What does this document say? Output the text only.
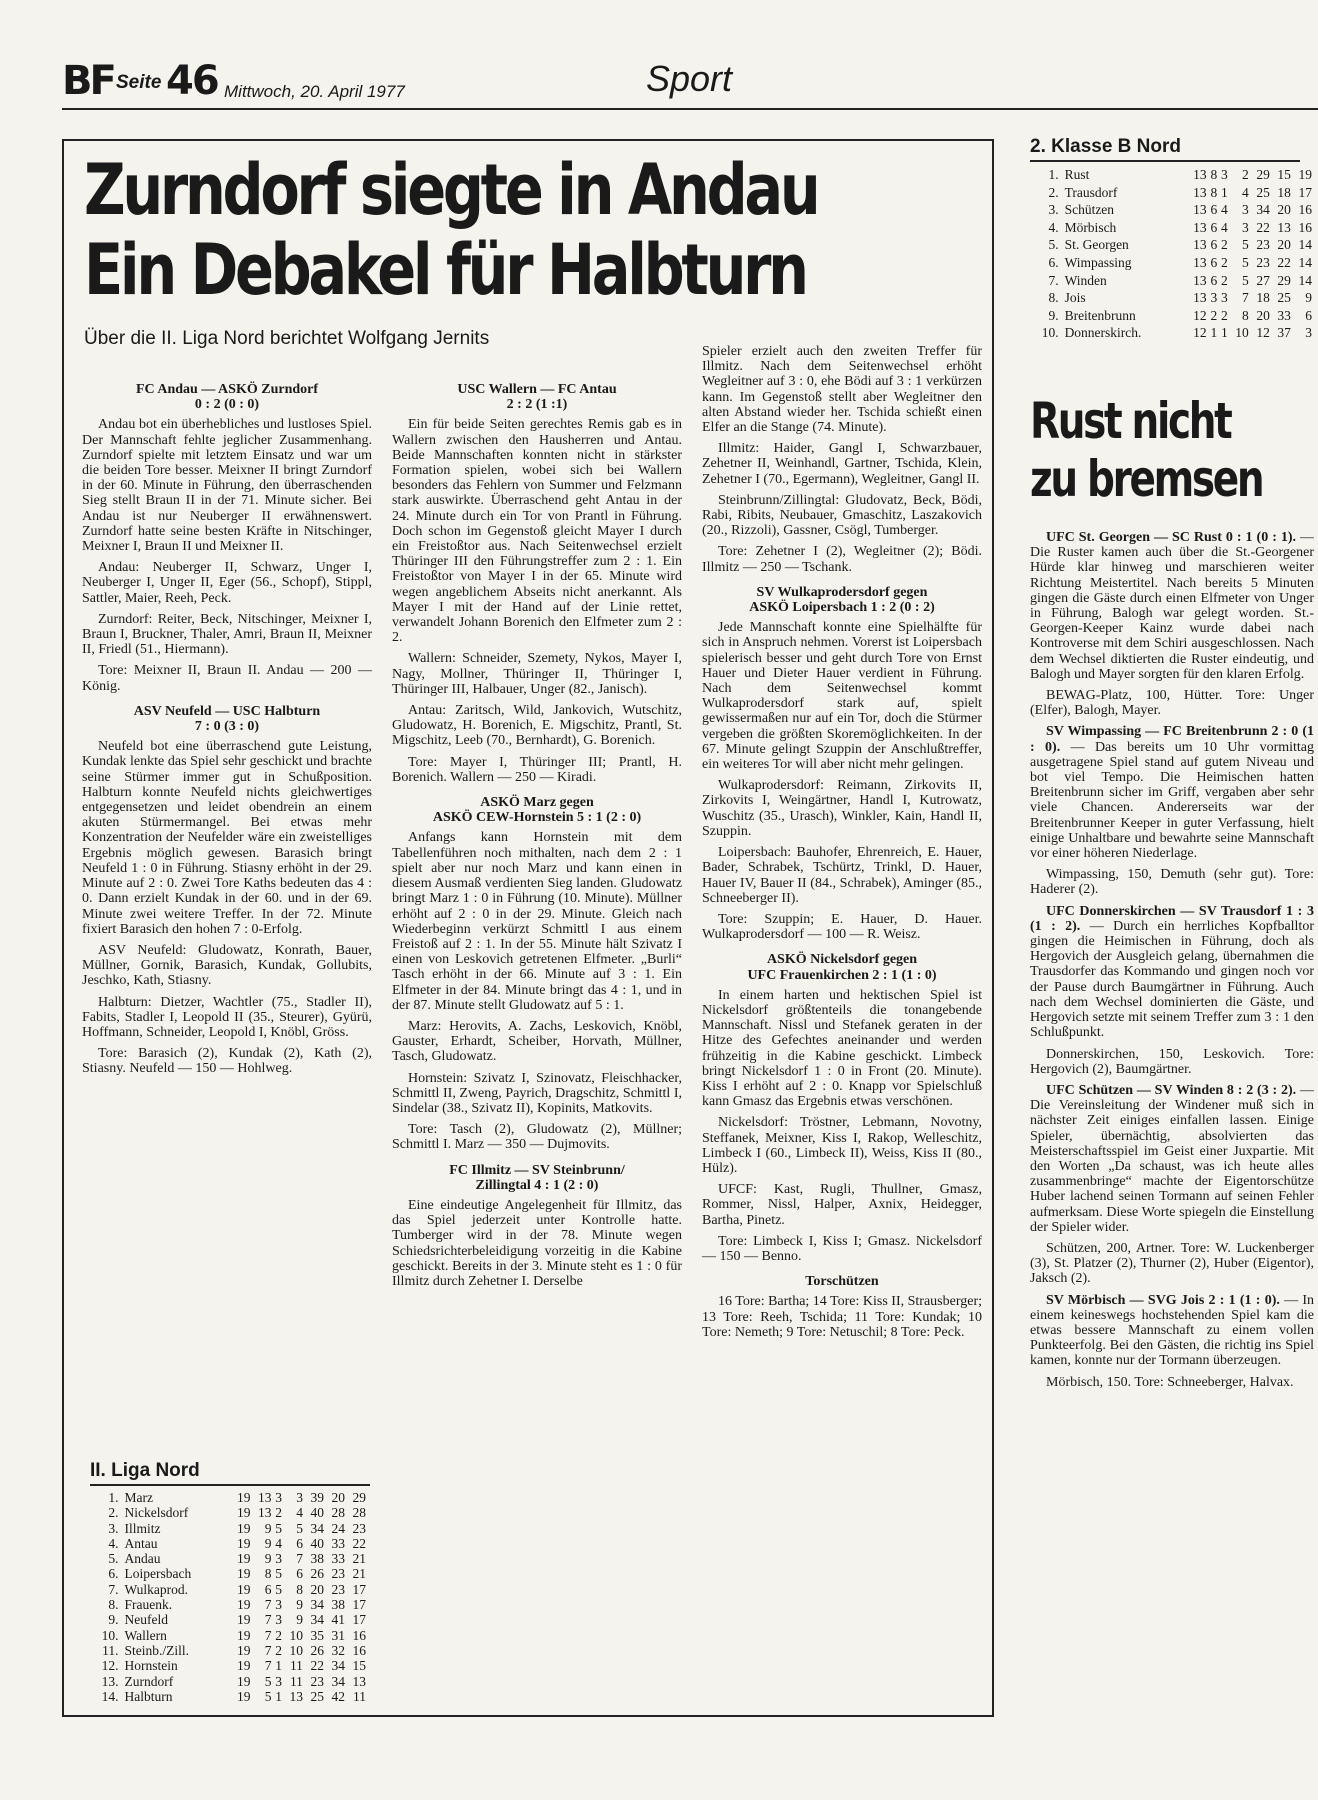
BF Seite 46 Mittwoch, 20. April 1977	Sport
Zurndorf siegte in Andau
Ein Debakel für Halbturn
Über die II. Liga Nord berichtet Wolfgang Jernits
FC Andau — ASKÖ Zurndorf
0 : 2 (0 : 0)

Andau bot ein überhebliches und lustloses Spiel. Der Mannschaft fehlte jeglicher Zusammenhang. Zurndorf spielte mit letztem Einsatz und war um die beiden Tore besser. Meixner II bringt Zurndorf in der 60. Minute in Führung, den überraschenden Sieg stellt Braun II in der 71. Minute sicher. Bei Andau ist nur Neuberger II erwähnenswert. Zurndorf hatte seine besten Kräfte in Nitschinger, Meixner I, Braun II und Meixner II.

Andau: Neuberger II, Schwarz, Unger I, Neuberger I, Unger II, Eger (56., Schopf), Stippl, Sattler, Maier, Reeh, Peck.

Zurndorf: Reiter, Beck, Nitschinger, Meixner I, Braun I, Bruckner, Thaler, Amri, Braun II, Meixner II, Friedl (51., Hiermann).

Tore: Meixner II, Braun II. Andau — 200 — König.

ASV Neufeld — USC Halbturn
7 : 0 (3 : 0)

Neufeld bot eine überraschend gute Leistung, Kundak lenkte das Spiel sehr geschickt und brachte seine Stürmer immer gut in Schußposition. Halbturn konnte Neufeld nichts gleichwertiges entgegensetzen und leidet obendrein an einem akuten Stürmermangel. Bei etwas mehr Konzentration der Neufelder wäre ein zweistelliges Ergebnis möglich gewesen. Barasich bringt Neufeld 1 : 0 in Führung. Stiasny erhöht in der 29. Minute auf 2 : 0. Zwei Tore Kaths bedeuten das 4 : 0. Dann erzielt Kundak in der 60. und in der 69. Minute zwei weitere Treffer. In der 72. Minute fixiert Barasich den hohen 7 : 0-Erfolg.

ASV Neufeld: Gludowatz, Konrath, Bauer, Müllner, Gornik, Barasich, Kundak, Gollubits, Jeschko, Kath, Stiasny.

Halbturn: Dietzer, Wachtler (75., Stadler II), Fabits, Stadler I, Leopold II (35., Steurer), Gyürü, Hoffmann, Schneider, Leopold I, Knöbl, Gröss.

Tore: Barasich (2), Kundak (2), Kath (2), Stiasny. Neufeld — 150 — Hohlweg.

II. Liga Nord
1.	Marz	19	13	3	3	39	20	29
2.	Nickelsdorf	19	13	2	4	40	28	28
3.	Illmitz	19	9	5	5	34	24	23
4.	Antau	19	9	4	6	40	33	22
5.	Andau	19	9	3	7	38	33	21
6.	Loipersbach	19	8	5	6	26	23	21
7.	Wulkaprod.	19	6	5	8	20	23	17
8.	Frauenk.	19	7	3	9	34	38	17
9.	Neufeld	19	7	3	9	34	41	17
10.	Wallern	19	7	2	10	35	31	16
11.	Steinb./Zill.	19	7	2	10	26	32	16
12.	Hornstein	19	7	1	11	22	34	15
13.	Zurndorf	19	5	3	11	23	34	13
14.	Halbturn	19	5	1	13	25	42	11
USC Wallern — FC Antau
2 : 2 (1 :1)

Ein für beide Seiten gerechtes Remis gab es in Wallern zwischen den Hausherren und Antau. Beide Mannschaften konnten nicht in stärkster Formation spielen, wobei sich bei Wallern besonders das Fehlern von Summer und Felzmann stark auswirkte. Überraschend geht Antau in der 24. Minute durch ein Tor von Prantl in Führung. Doch schon im Gegenstoß gleicht Mayer I durch ein Freistoßtor aus. Nach Seitenwechsel erzielt Thüringer III den Führungstreffer zum 2 : 1. Ein Freistoßtor von Mayer I in der 65. Minute wird wegen angeblichem Abseits nicht anerkannt. Als Mayer I mit der Hand auf der Linie rettet, verwandelt Johann Borenich den Elfmeter zum 2 : 2.

Wallern: Schneider, Szemety, Nykos, Mayer I, Nagy, Mollner, Thüringer II, Thüringer I, Thüringer III, Halbauer, Unger (82., Janisch).

Antau: Zaritsch, Wild, Jankovich, Wutschitz, Gludowatz, H. Borenich, E. Migschitz, Prantl, St. Migschitz, Leeb (70., Bernhardt), G. Borenich.

Tore: Mayer I, Thüringer III; Prantl, H. Borenich. Wallern — 250 — Kiradi.

ASKÖ Marz gegen
ASKÖ CEW-Hornstein 5 : 1 (2 : 0)

Anfangs kann Hornstein mit dem Tabellenführen noch mithalten, nach dem 2 : 1 spielt aber nur noch Marz und kann einen in diesem Ausmaß verdienten Sieg landen. Gludowatz bringt Marz 1 : 0 in Führung (10. Minute). Müllner erhöht auf 2 : 0 in der 29. Minute. Gleich nach Wiederbeginn verkürzt Schmittl I aus einem Freistoß auf 2 : 1. In der 55. Minute hält Szivatz I einen von Leskovich getretenen Elfmeter. „Burli“ Tasch erhöht in der 66. Minute auf 3 : 1. Ein Elfmeter in der 84. Minute bringt das 4 : 1, und in der 87. Minute stellt Gludowatz auf 5 : 1.

Marz: Herovits, A. Zachs, Leskovich, Knöbl, Gauster, Erhardt, Scheiber, Horvath, Müllner, Tasch, Gludowatz.

Hornstein: Szivatz I, Szinovatz, Fleischhacker, Schmittl II, Zweng, Payrich, Dragschitz, Schmittl I, Sindelar (38., Szivatz II), Kopinits, Matkovits.

Tore: Tasch (2), Gludowatz (2), Müllner; Schmittl I. Marz — 350 — Dujmovits.

FC Illmitz — SV Steinbrunn/
Zillingtal 4 : 1 (2 : 0)

Eine eindeutige Angelegenheit für Illmitz, das das Spiel jederzeit unter Kontrolle hatte. Tumberger wird in der 78. Minute wegen Schiedsrichterbeleidigung vorzeitig in die Kabine geschickt. Bereits in der 3. Minute steht es 1 : 0 für Illmitz durch Zehetner I. Derselbe

Spieler erzielt auch den zweiten Treffer für Illmitz. Nach dem Seitenwechsel erhöht Wegleitner auf 3 : 0, ehe Bödi auf 3 : 1 verkürzen kann. Im Gegenstoß stellt aber Wegleitner den alten Abstand wieder her. Tschida schießt einen Elfer an die Stange (74. Minute).

Illmitz: Haider, Gangl I, Schwarzbauer, Zehetner II, Weinhandl, Gartner, Tschida, Klein, Zehetner I (70., Egermann), Wegleitner, Gangl II.

Steinbrunn/Zillingtal: Gludovatz, Beck, Bödi, Rabi, Ribits, Neubauer, Gmaschitz, Laszakovich (20., Rizzoli), Gassner, Csögl, Tumberger.

Tore: Zehetner I (2), Wegleitner (2); Bödi. Illmitz — 250 — Tschank.

SV Wulkaprodersdorf gegen
ASKÖ Loipersbach 1 : 2 (0 : 2)

Jede Mannschaft konnte eine Spielhälfte für sich in Anspruch nehmen. Vorerst ist Loipersbach spielerisch besser und geht durch Tore von Ernst Hauer und Dieter Hauer verdient in Führung. Nach dem Seitenwechsel kommt Wulkaprodersdorf stark auf, spielt gewissermaßen nur auf ein Tor, doch die Stürmer vergeben die größten Skoremöglichkeiten. In der 67. Minute gelingt Szuppin der Anschlußtreffer, ein weiteres Tor will aber nicht mehr gelingen.

Wulkaprodersdorf: Reimann, Zirkovits II, Zirkovits I, Weingärtner, Handl I, Kutrowatz, Wuschitz (35., Urasch), Winkler, Kain, Handl II, Szuppin.

Loipersbach: Bauhofer, Ehrenreich, E. Hauer, Bader, Schrabek, Tschürtz, Trinkl, D. Hauer, Hauer IV, Bauer II (84., Schrabek), Aminger (85., Schneeberger II).

Tore: Szuppin; E. Hauer, D. Hauer. Wulkaprodersdorf — 100 — R. Weisz.

ASKÖ Nickelsdorf gegen
UFC Frauenkirchen 2 : 1 (1 : 0)

In einem harten und hektischen Spiel ist Nickelsdorf größtenteils die tonangebende Mannschaft. Nissl und Stefanek geraten in der Hitze des Gefechtes aneinander und werden frühzeitig in die Kabine geschickt. Limbeck bringt Nickelsdorf 1 : 0 in Front (20. Minute). Kiss I erhöht auf 2 : 0. Knapp vor Spielschluß kann Gmasz das Ergebnis etwas verschönen.

Nickelsdorf: Tröstner, Lebmann, Novotny, Steffanek, Meixner, Kiss I, Rakop, Welleschitz, Limbeck I (60., Limbeck II), Weiss, Kiss II (80., Hülz).

UFCF: Kast, Rugli, Thullner, Gmasz, Rommer, Nissl, Halper, Axnix, Heidegger, Bartha, Pinetz.

Tore: Limbeck I, Kiss I; Gmasz. Nickelsdorf — 150 — Benno.

Torschützen

16 Tore: Bartha; 14 Tore: Kiss II, Strausberger; 13 Tore: Reeh, Tschida; 11 Tore: Kundak; 10 Tore: Nemeth; 9 Tore: Netuschil; 8 Tore: Peck.

2. Klasse B Nord
1.	Rust	13	8	3	2	29	15	19
2.	Trausdorf	13	8	1	4	25	18	17
3.	Schützen	13	6	4	3	34	20	16
4.	Mörbisch	13	6	4	3	22	13	16
5.	St. Georgen	13	6	2	5	23	20	14
6.	Wimpassing	13	6	2	5	23	22	14
7.	Winden	13	6	2	5	27	29	14
8.	Jois	13	3	3	7	18	25	9
9.	Breitenbrunn	12	2	2	8	20	33	6
10.	Donnerskirch.	12	1	1	10	12	37	3
Rust nicht
zu bremsen

UFC St. Georgen — SC Rust 0 : 1 (0 : 1). — Die Ruster kamen auch über die St.-Georgener Hürde klar hinweg und marschieren weiter Richtung Meistertitel. Nach bereits 5 Minuten gingen die Gäste durch einen Elfmeter von Unger in Führung, Balogh war gelegt worden. St.-Georgen-Keeper Kainz wurde dabei nach Kontroverse mit dem Schiri ausgeschlossen. Nach dem Wechsel diktierten die Ruster eindeutig, und Balogh und Mayer sorgten für den klaren Erfolg.

BEWAG-Platz, 100, Hütter. Tore: Unger (Elfer), Balogh, Mayer.

SV Wimpassing — FC Breitenbrunn 2 : 0 (1 : 0). — Das bereits um 10 Uhr vormittag ausgetragene Spiel stand auf gutem Niveau und bot viel Tempo. Die Heimischen hatten Breitenbrunn sicher im Griff, vergaben aber sehr viele Chancen. Andererseits war der Breitenbrunner Keeper in guter Verfassung, hielt einige Unhaltbare und bewahrte seine Mannschaft vor einer höheren Niederlage.

Wimpassing, 150, Demuth (sehr gut). Tore: Haderer (2).

UFC Donnerskirchen — SV Trausdorf 1 : 3 (1 : 2). — Durch ein herrliches Kopfballtor gingen die Heimischen in Führung, doch als Hergovich der Ausgleich gelang, übernahmen die Trausdorfer das Kommando und gingen noch vor der Pause durch Baumgärtner in Führung. Auch nach dem Wechsel dominierten die Gäste, und Hergovich setzte mit seinem Treffer zum 3 : 1 den Schlußpunkt.

Donnerskirchen, 150, Leskovich. Tore: Hergovich (2), Baumgärtner.

UFC Schützen — SV Winden 8 : 2 (3 : 2). — Die Vereinsleitung der Windener muß sich in nächster Zeit einiges einfallen lassen. Einige Spieler, übernächtig, absolvierten das Meisterschaftsspiel im Geist einer Juxpartie. Mit den Worten „Da schaust, was ich heute alles zusammenbringe“ machte der Eigentorschütze Huber lachend seinen Tormann auf seinen Fehler aufmerksam. Diese Worte spiegeln die Einstellung der Spieler wider.

Schützen, 200, Artner. Tore: W. Luckenberger (3), St. Platzer (2), Thurner (2), Huber (Eigentor), Jaksch (2).

SV Mörbisch — SVG Jois 2 : 1 (1 : 0). — In einem keineswegs hochstehenden Spiel kam die etwas bessere Mannschaft zu einem vollen Punkteerfolg. Bei den Gästen, die richtig ins Spiel kamen, konnte nur der Tormann überzeugen.

Mörbisch, 150. Tore: Schneeberger, Halvax.
